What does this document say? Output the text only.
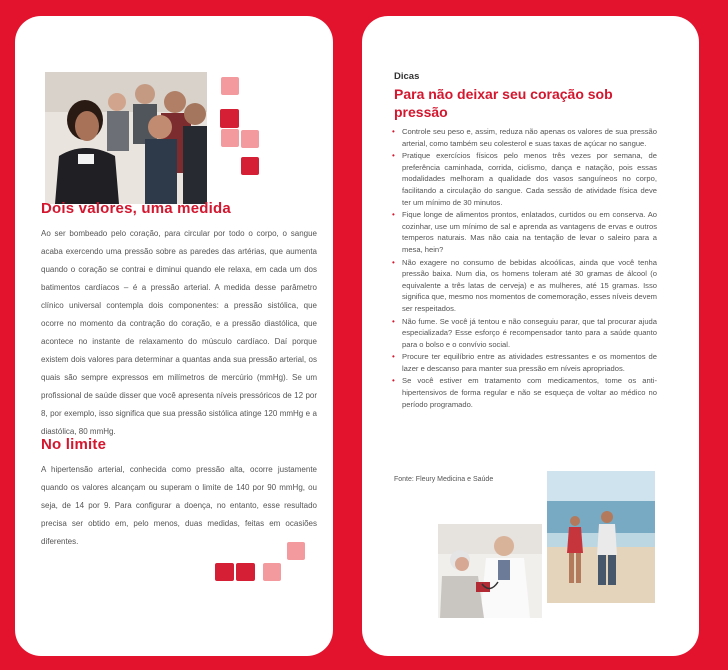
Dois valores, uma medida

Ao ser bombeado pelo coração, para circular por todo o corpo, o sangue acaba exercendo uma pressão sobre as paredes das artérias, que aumenta quando o coração se contrai e diminui quando ele relaxa, em cada um dos batimentos cardíacos – é a pressão arterial. A medida desse parâmetro clínico universal contempla dois componentes: a pressão sistólica, que ocorre no momento da contração do coração, e a pressão diastólica, que acontece no instante de relaxamento do músculo cardíaco. Daí porque existem dois valores para determinar a quantas anda sua pressão arterial, os quais são sempre expressos em milímetros de mercúrio (mmHg). Se um profissional de saúde disser que você apresenta níveis pressóricos de 12 por 8, por exemplo, isso significa que sua pressão sistólica atinge 120 mmHg e a diastólica, 80 mmHg.

No limite

A hipertensão arterial, conhecida como pressão alta, ocorre justamente quando os valores alcançam ou superam o limite de 140 por 90 mmHg, ou seja, de 14 por 9. Para configurar a doença, no entanto, esse resultado precisa ser obtido em, pelo menos, duas medidas, feitas em ocasiões diferentes.

Dicas
Para não deixar seu coração sob pressão
• Controle seu peso e, assim, reduza não apenas os valores de sua pressão arterial, como também seu colesterol e suas taxas de açúcar no sangue.
• Pratique exercícios físicos pelo menos três vezes por semana, de preferência caminhada, corrida, ciclismo, dança e natação, pois essas modalidades melhoram a qualidade dos vasos sanguíneos no corpo, facilitando a circulação do sangue. Cada sessão de atividade física deve ter um mínimo de 30 minutos.
• Fique longe de alimentos prontos, enlatados, curtidos ou em conserva. Ao cozinhar, use um mínimo de sal e aprenda as vantagens de ervas e outros temperos naturais. Mas não caia na tentação de levar o saleiro para a mesa, hein?
• Não exagere no consumo de bebidas alcoólicas, ainda que você tenha pressão baixa. Num dia, os homens toleram até 30 gramas de álcool (o equivalente a três latas de cerveja) e as mulheres, até 15 gramas. Isso significa que, mesmo nos momentos de comemoração, esses níveis devem ser respeitados.
• Não fume. Se você já tentou e não conseguiu parar, que tal procurar ajuda especializada? Esse esforço é recompensador tanto para a saúde quanto para o bolso e o convívio social.
• Procure ter equilíbrio entre as atividades estressantes e os momentos de lazer e descanso para manter sua pressão em níveis apropriados.
• Se você estiver em tratamento com medicamentos, tome os anti-hipertensivos de forma regular e não se esqueça de voltar ao médico no período programado.
Fonte: Fleury Medicina e Saúde
